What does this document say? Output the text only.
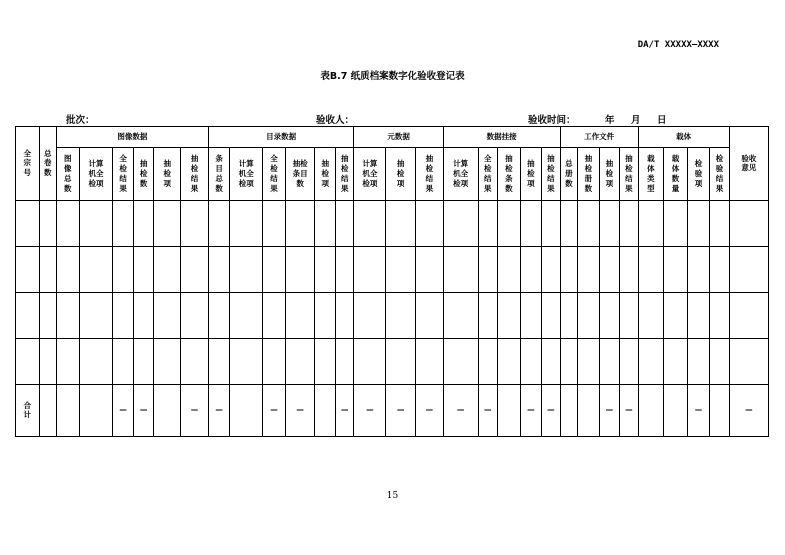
DA/T XXXXX—XXXX
表B.7 纸质档案数字化验收登记表
批次：	验收人：	验收时间：	年 月 日
全宗号	总卷数	图像数据						目录数据						元数据			数据挂接					工作文件				载体				验收意见
		图像总数	计算机全检项	全检结果	抽检数	抽检项	抽检结果	条目总数	计算机全检项	全检结果	抽检条目数	抽检项	抽检结果	计算机全检项	抽检项	抽检结果	计算机全检项	全检结果	抽检条数	抽检项	抽检结果	总册数	抽检册数	抽检项	抽检结果	载体类型	载体数量	检验项	检验结果	

合计				—	—		—	—		—	—		—	—	—	—	—	—		—	—			—	—			—		—
15
